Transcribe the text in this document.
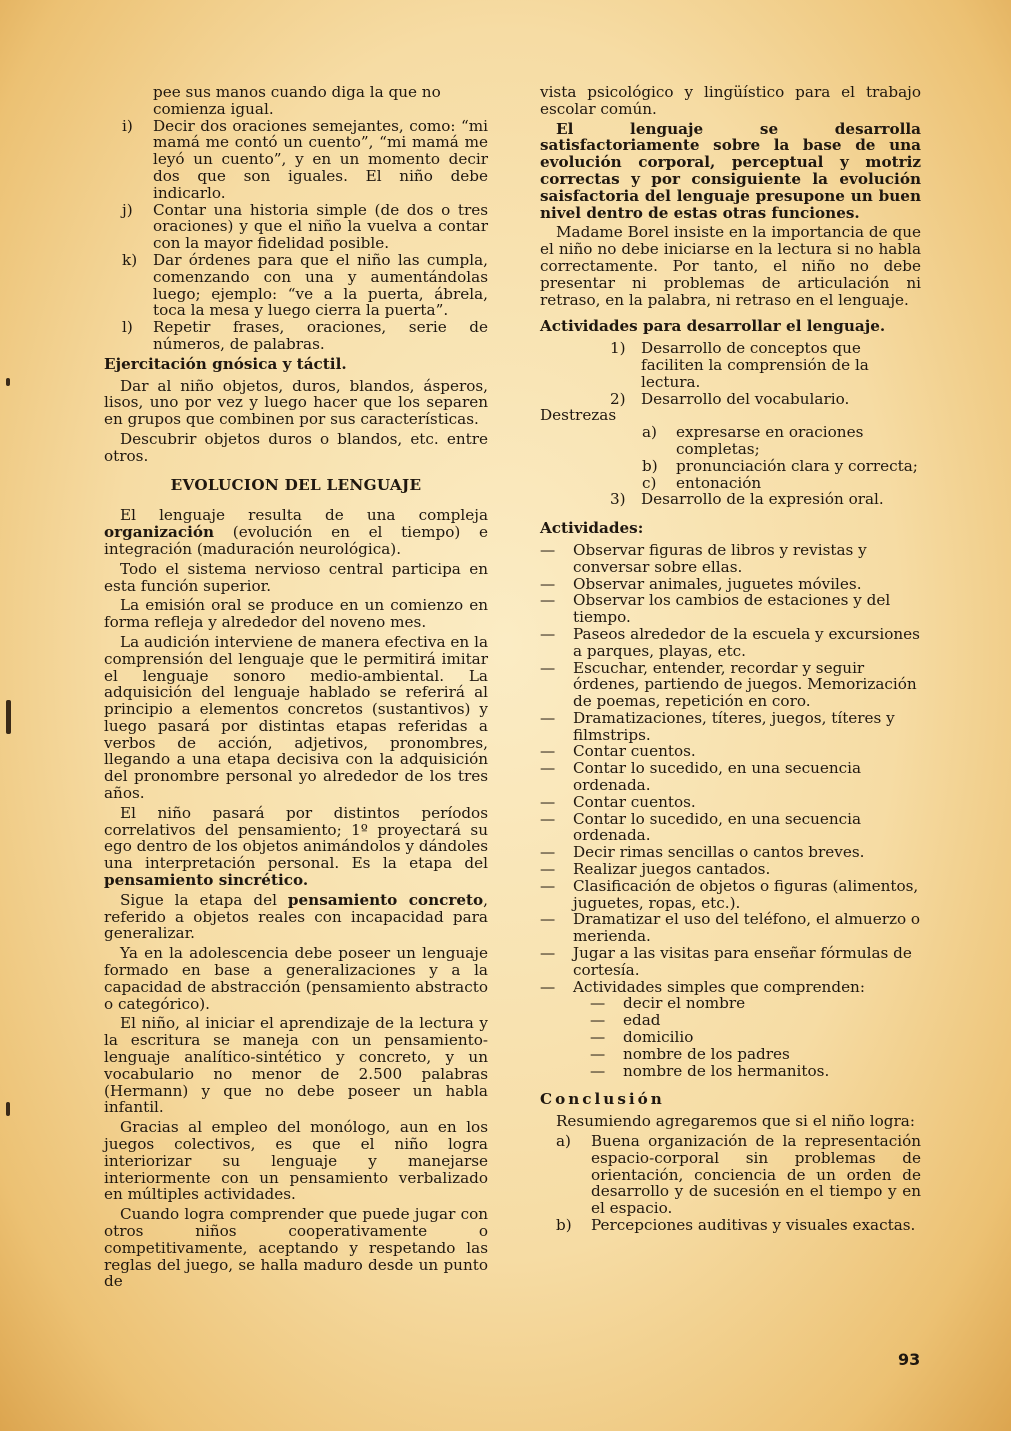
pee sus manos cuando diga la que no comienza igual.

i) Decir dos oraciones semejantes, como: “mi mamá me contó un cuento”, “mi mamá me leyó un cuento”, y en un momento decir dos que son iguales. El niño debe indicarlo.
j) Contar una historia simple (de dos o tres oraciones) y que el niño la vuelva a contar con la mayor fidelidad posible.
k) Dar órdenes para que el niño las cumpla, comenzando con una y aumentándolas luego; ejemplo: “ve a la puerta, ábrela, toca la mesa y luego cierra la puerta”.
l) Repetir frases, oraciones, serie de números, de palabras.

Ejercitación gnósica y táctil.

Dar al niño objetos, duros, blandos, ásperos, lisos, uno por vez y luego hacer que los separen en grupos que combinen por sus características.

Descubrir objetos duros o blandos, etc. entre otros.

EVOLUCION DEL LENGUAJE

El lenguaje resulta de una compleja organización (evolución en el tiempo) e integración (maduración neurológica).

Todo el sistema nervioso central participa en esta función superior.

La emisión oral se produce en un comienzo en forma refleja y alrededor del noveno mes.

La audición interviene de manera efectiva en la comprensión del lenguaje que le permitirá imitar el lenguaje sonoro medio-ambiental. La adquisición del lenguaje hablado se referirá al principio a elementos concretos (sustantivos) y luego pasará por distintas etapas referidas a verbos de acción, adjetivos, pronombres, llegando a una etapa decisiva con la adquisición del pronombre personal yo alrededor de los tres años.

El niño pasará por distintos períodos correlativos del pensamiento; 1º proyectará su ego dentro de los objetos animándolos y dándoles una interpretación personal. Es la etapa del pensamiento sincrético.

Sigue la etapa del pensamiento concreto, referido a objetos reales con incapacidad para generalizar.

Ya en la adolescencia debe poseer un lenguaje formado en base a generalizaciones y a la capacidad de abstracción (pensamiento abstracto o categórico).

El niño, al iniciar el aprendizaje de la lectura y la escritura se maneja con un pensamiento-lenguaje analítico-sintético y concreto, y un vocabulario no menor de 2.500 palabras (Hermann) y que no debe poseer un habla infantil.

Gracias al empleo del monólogo, aun en los juegos colectivos, es que el niño logra interiorizar su lenguaje y manejarse interiormente con un pensamiento verbalizado en múltiples actividades.

Cuando logra comprender que puede jugar con otros niños cooperativamente o competitivamente, aceptando y respetando las reglas del juego, se halla maduro desde un punto de

vista psicológico y lingüístico para el trabajo escolar común.

El lenguaje se desarrolla satisfactoriamente sobre la base de una evolución corporal, perceptual y motriz correctas y por consiguiente la evolución saisfactoria del lenguaje presupone un buen nivel dentro de estas otras funciones.

Madame Borel insiste en la importancia de que el niño no debe iniciarse en la lectura si no habla correctamente. Por tanto, el niño no debe presentar ni problemas de articulación ni retraso, en la palabra, ni retraso en el lenguaje.

Actividades para desarrollar el lenguaje.

1) Desarrollo de conceptos que faciliten la comprensión de la lectura.
2) Desarrollo del vocabulario.

Destrezas

a) expresarse en oraciones completas;
b) pronunciación clara y correcta;
c) entonación
3) Desarrollo de la expresión oral.

Actividades:

— Observar figuras de libros y revistas y conversar sobre ellas.
— Observar animales, juguetes móviles.
— Observar los cambios de estaciones y del tiempo.
— Paseos alrededor de la escuela y excursiones a parques, playas, etc.
— Escuchar, entender, recordar y seguir órdenes, partiendo de juegos. Memorización de poemas, repetición en coro.
— Dramatizaciones, títeres, juegos, títeres y filmstrips.
— Contar cuentos.
— Contar lo sucedido, en una secuencia ordenada.
— Contar cuentos.
— Contar lo sucedido, en una secuencia ordenada.
— Decir rimas sencillas o cantos breves.
— Realizar juegos cantados.
— Clasificación de objetos o figuras (alimentos, juguetes, ropas, etc.).
— Dramatizar el uso del teléfono, el almuerzo o merienda.
— Jugar a las visitas para enseñar fórmulas de cortesía.
— Actividades simples que comprenden:
— decir el nombre
— edad
— domicilio
— nombre de los padres
— nombre de los hermanitos.

Conclusión

Resumiendo agregaremos que si el niño logra:

a) Buena organización de la representación espacio-corporal sin problemas de orientación, conciencia de un orden de desarrollo y de sucesión en el tiempo y en el espacio.
b) Percepciones auditivas y visuales exactas.
93
